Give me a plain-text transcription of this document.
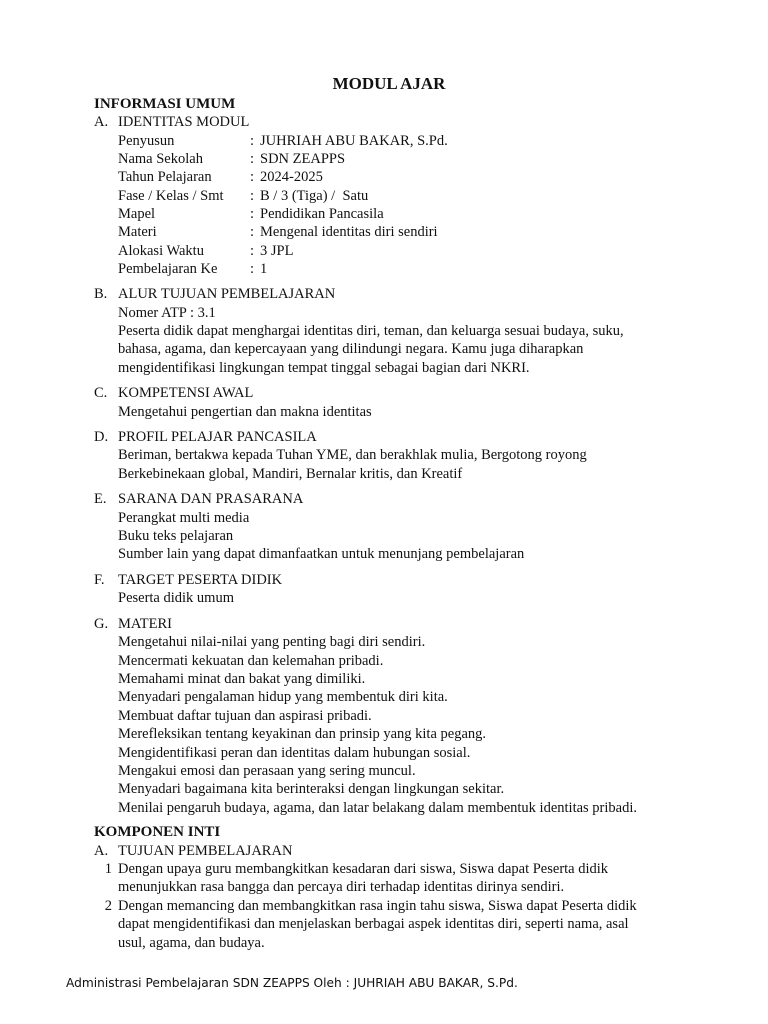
MODUL AJAR
INFORMASI UMUM
A. IDENTITAS MODUL
Penyusun	:	JUHRIAH ABU BAKAR, S.Pd.
Nama Sekolah	:	SDN ZEAPPS
Tahun Pelajaran	:	2024-2025
Fase / Kelas / Smt	:	B / 3 (Tiga) /  Satu
Mapel	:	Pendidikan Pancasila
Materi	:	Mengenal identitas diri sendiri
Alokasi Waktu	:	3 JPL
Pembelajaran Ke	:	1
B. ALUR TUJUAN PEMBELAJARAN
Nomer ATP : 3.1
Peserta didik dapat menghargai identitas diri, teman, dan keluarga sesuai budaya, suku,
bahasa, agama, dan kepercayaan yang dilindungi negara. Kamu juga diharapkan
mengidentifikasi lingkungan tempat tinggal sebagai bagian dari NKRI.
C. KOMPETENSI AWAL
Mengetahui pengertian dan makna identitas
D. PROFIL PELAJAR PANCASILA
Beriman, bertakwa kepada Tuhan YME, dan berakhlak mulia, Bergotong royong
Berkebinekaan global, Mandiri, Bernalar kritis, dan Kreatif
E. SARANA DAN PRASARANA
Perangkat multi media
Buku teks pelajaran
Sumber lain yang dapat dimanfaatkan untuk menunjang pembelajaran
F. TARGET PESERTA DIDIK
Peserta didik umum
G. MATERI
Mengetahui nilai-nilai yang penting bagi diri sendiri.
Mencermati kekuatan dan kelemahan pribadi.
Memahami minat dan bakat yang dimiliki.
Menyadari pengalaman hidup yang membentuk diri kita.
Membuat daftar tujuan dan aspirasi pribadi.
Merefleksikan tentang keyakinan dan prinsip yang kita pegang.
Mengidentifikasi peran dan identitas dalam hubungan sosial.
Mengakui emosi dan perasaan yang sering muncul.
Menyadari bagaimana kita berinteraksi dengan lingkungan sekitar.
Menilai pengaruh budaya, agama, dan latar belakang dalam membentuk identitas pribadi.
KOMPONEN INTI
A. TUJUAN PEMBELAJARAN
1 Dengan upaya guru membangkitkan kesadaran dari siswa, Siswa dapat Peserta didik
menunjukkan rasa bangga dan percaya diri terhadap identitas dirinya sendiri.
2 Dengan memancing dan membangkitkan rasa ingin tahu siswa, Siswa dapat Peserta didik
dapat mengidentifikasi dan menjelaskan berbagai aspek identitas diri, seperti nama, asal
usul, agama, dan budaya.
Administrasi Pembelajaran SDN ZEAPPS Oleh : JUHRIAH ABU BAKAR, S.Pd.
